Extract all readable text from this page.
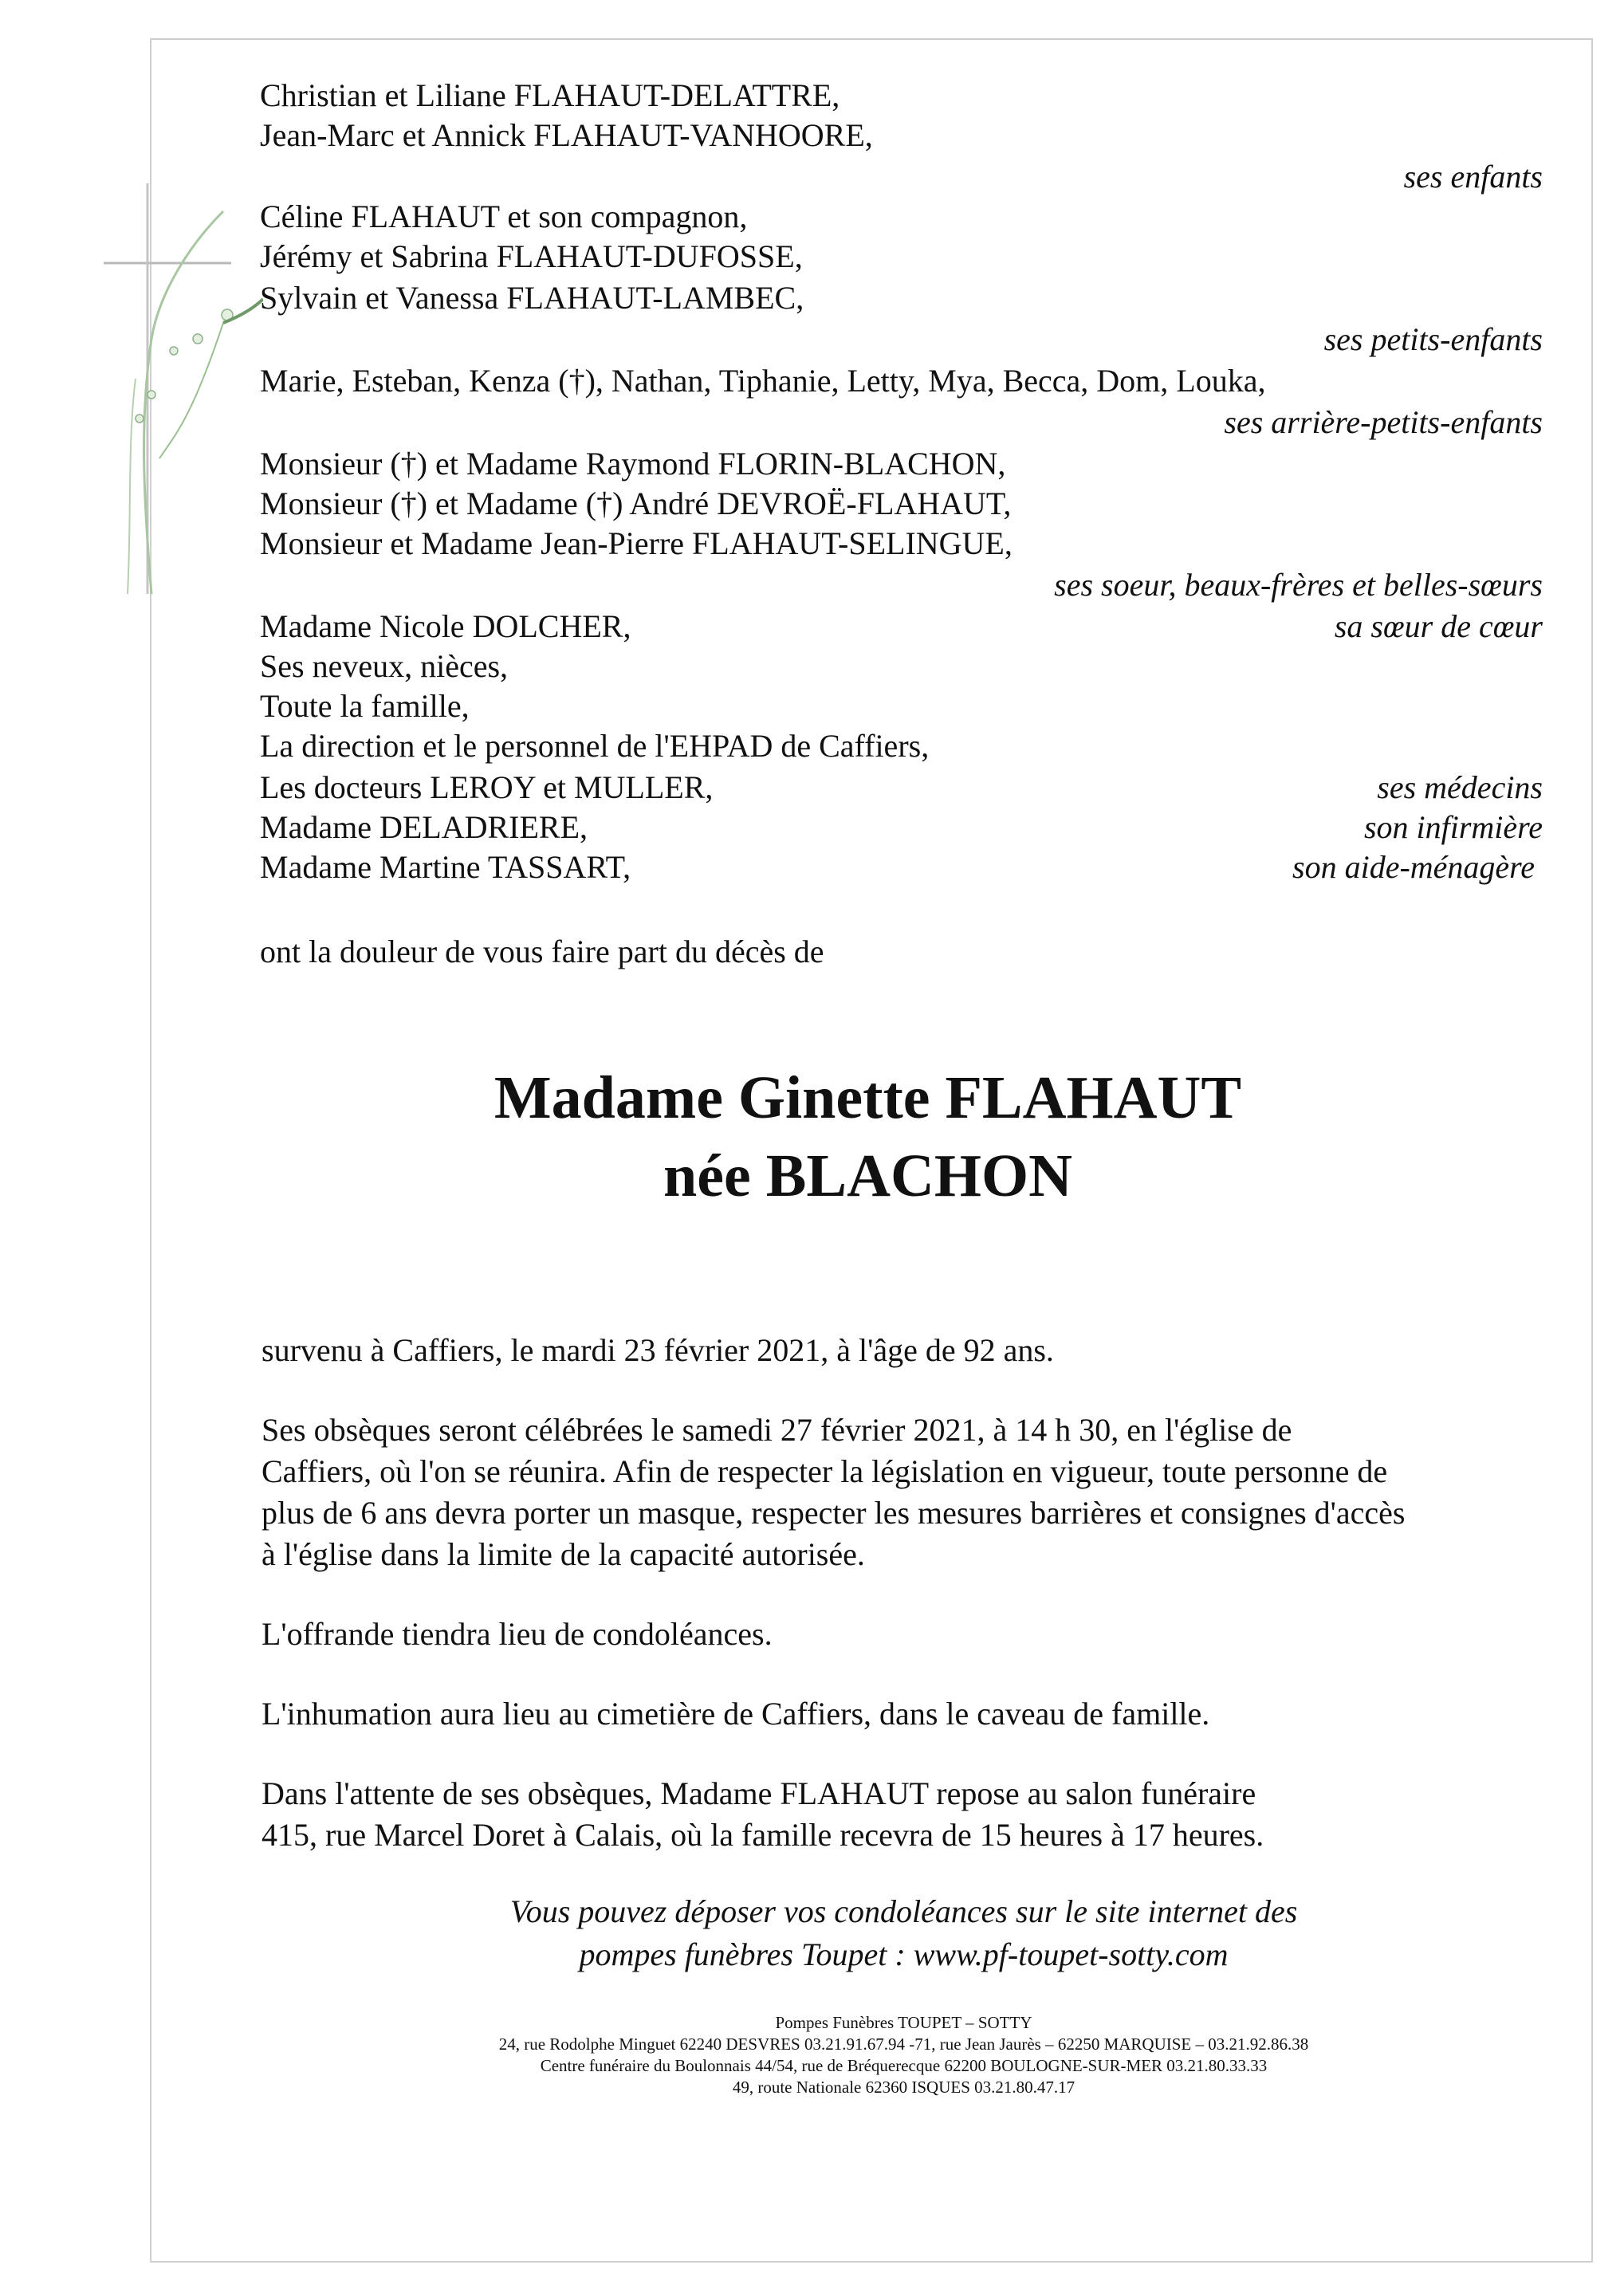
Christian et Liliane FLAHAUT-DELATTRE,
Jean-Marc et Annick FLAHAUT-VANHOORE,
ses enfants
Céline FLAHAUT et son compagnon,
Jérémy et Sabrina FLAHAUT-DUFOSSE,
Sylvain et Vanessa FLAHAUT-LAMBEC,
ses petits-enfants
Marie, Esteban, Kenza (†), Nathan, Tiphanie, Letty, Mya, Becca, Dom, Louka,
ses arrière-petits-enfants
Monsieur (†) et Madame Raymond FLORIN-BLACHON,
Monsieur (†) et Madame (†) André DEVROË-FLAHAUT,
Monsieur et Madame Jean-Pierre FLAHAUT-SELINGUE,
ses soeur, beaux-frères et belles-sœurs
Madame Nicole DOLCHER,	sa sœur de cœur
Ses neveux, nièces,
Toute la famille,
La direction et le personnel de l'EHPAD de Caffiers,
Les docteurs LEROY et MULLER,	ses médecins
Madame DELADRIERE,	son infirmière
Madame Martine TASSART,	son aide-ménagère
ont la douleur de vous faire part du décès de
Madame Ginette FLAHAUT
née BLACHON
survenu à Caffiers, le mardi 23 février 2021, à l'âge de 92 ans.
Ses obsèques seront célébrées le samedi 27 février 2021, à 14 h 30, en l'église de
Caffiers, où l'on se réunira. Afin de respecter la législation en vigueur, toute personne de
plus de 6 ans devra porter un masque, respecter les mesures barrières et consignes d'accès
à l'église dans la limite de la capacité autorisée.
L'offrande tiendra lieu de condoléances.
L'inhumation aura lieu au cimetière de Caffiers, dans le caveau de famille.
Dans l'attente de ses obsèques, Madame FLAHAUT repose au salon funéraire
415, rue Marcel Doret à Calais, où la famille recevra de 15 heures à 17 heures.
Vous pouvez déposer vos condoléances sur le site internet des
pompes funèbres Toupet : www.pf-toupet-sotty.com
Pompes Funèbres TOUPET – SOTTY
24, rue Rodolphe Minguet 62240 DESVRES 03.21.91.67.94 -71, rue Jean Jaurès – 62250 MARQUISE – 03.21.92.86.38
Centre funéraire du Boulonnais 44/54, rue de Bréquerecque 62200 BOULOGNE-SUR-MER 03.21.80.33.33
49, route Nationale 62360 ISQUES 03.21.80.47.17
